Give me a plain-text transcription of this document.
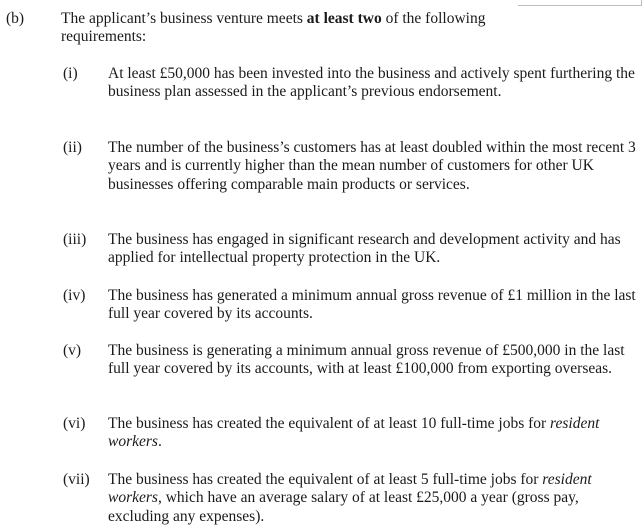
(b) The applicant’s business venture meets at least two of the following requirements:
(i) At least £50,000 has been invested into the business and actively spent furthering the business plan assessed in the applicant’s previous endorsement.
(ii) The number of the business’s customers has at least doubled within the most recent 3 years and is currently higher than the mean number of customers for other UK businesses offering comparable main products or services.
(iii) The business has engaged in significant research and development activity and has applied for intellectual property protection in the UK.
(iv) The business has generated a minimum annual gross revenue of £1 million in the last full year covered by its accounts.
(v) The business is generating a minimum annual gross revenue of £500,000 in the last full year covered by its accounts, with at least £100,000 from exporting overseas.
(vi) The business has created the equivalent of at least 10 full-time jobs for resident workers.
(vii) The business has created the equivalent of at least 5 full-time jobs for resident workers, which have an average salary of at least £25,000 a year (gross pay, excluding any expenses).
